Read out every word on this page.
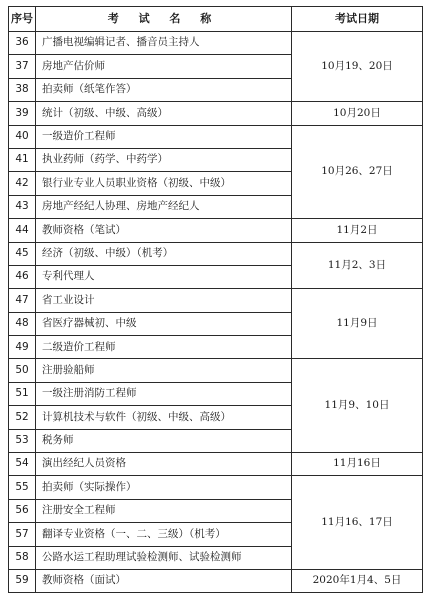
序号	考 试 名 称	考试日期
36	广播电视编辑记者、播音员主持人	10月19、20日
37	房地产估价师	
38	拍卖师（纸笔作答）	
39	统计（初级、中级、高级）	10月20日
40	一级造价工程师	10月26、27日
41	执业药师（药学、中药学）	
42	银行业专业人员职业资格（初级、中级）	
43	房地产经纪人协理、房地产经纪人	
44	教师资格（笔试）	11月2日
45	经济（初级、中级）（机考）	11月2、3日
46	专利代理人	
47	省工业设计	11月9日
48	省医疗器械初、中级	
49	二级造价工程师	
50	注册验船师	11月9、10日
51	一级注册消防工程师	
52	计算机技术与软件（初级、中级、高级）	
53	税务师	
54	演出经纪人员资格	11月16日
55	拍卖师（实际操作）	11月16、17日
56	注册安全工程师	
57	翻译专业资格（一、二、三级）（机考）	
58	公路水运工程助理试验检测师、试验检测师	
59	教师资格（面试）	2020年1月4、5日
